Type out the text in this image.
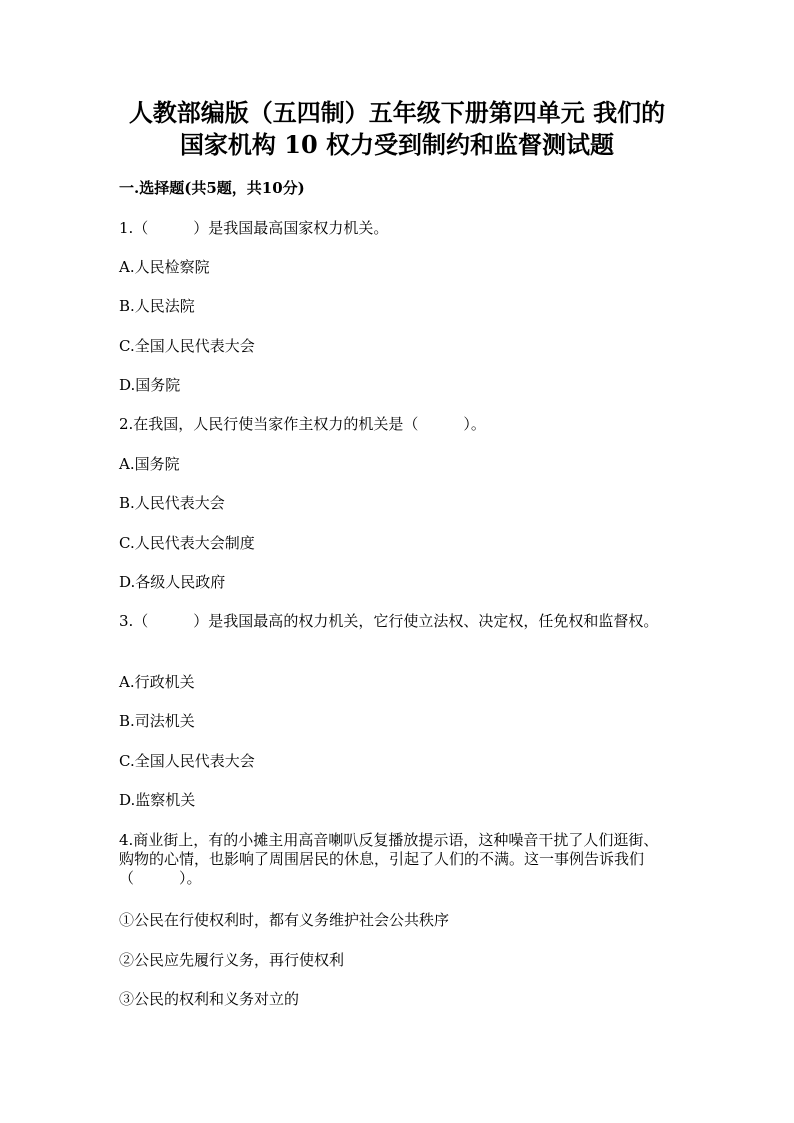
人教部编版（五四制）五年级下册第四单元 我们的
国家机构 10 权力受到制约和监督测试题
一.选择题(共5题，共10分)
1.（　　　）是我国最高国家权力机关。
A.人民检察院
B.人民法院
C.全国人民代表大会
D.国务院
2.在我国，人民行使当家作主权力的机关是（　　　）。
A.国务院
B.人民代表大会
C.人民代表大会制度
D.各级人民政府
3.（　　　）是我国最高的权力机关，它行使立法权、决定权，任免权和监督权。
A.行政机关
B.司法机关
C.全国人民代表大会
D.监察机关
4.商业街上，有的小摊主用高音喇叭反复播放提示语，这种噪音干扰了人们逛街、购物的心情，也影响了周围居民的休息，引起了人们的不满。这一事例告诉我们（　　　）。
①公民在行使权利时，都有义务维护社会公共秩序
②公民应先履行义务，再行使权利
③公民的权利和义务对立的
